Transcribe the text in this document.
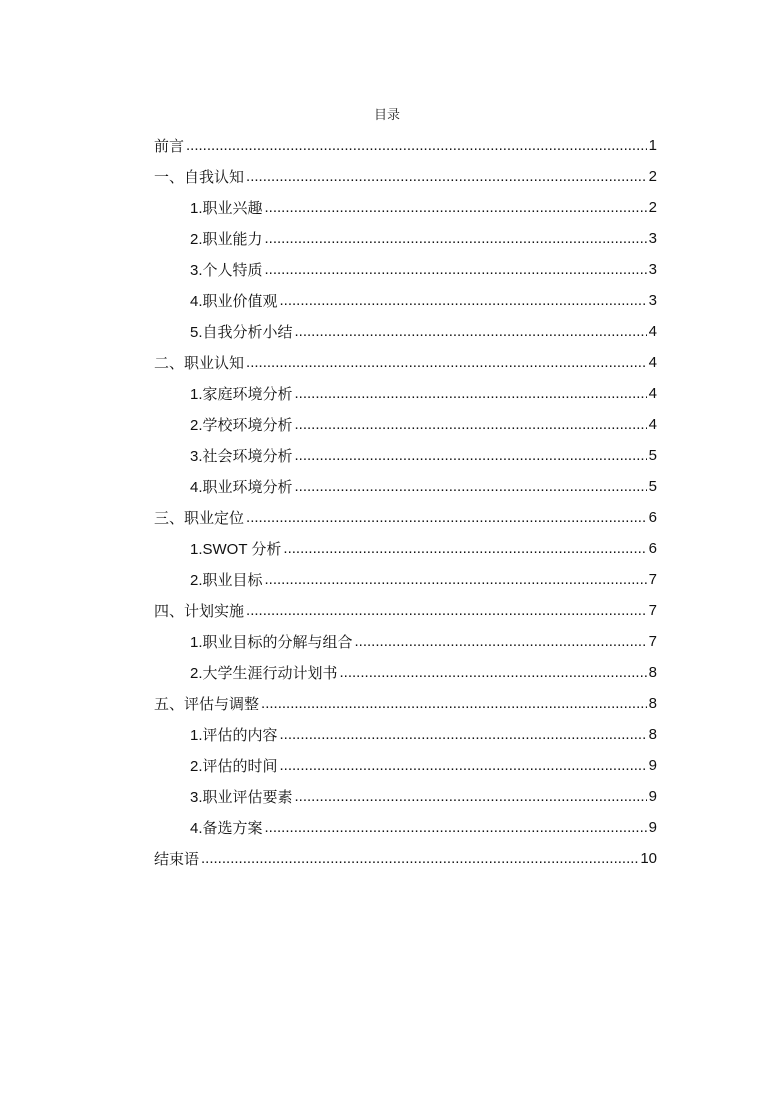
目录
前言 .....	1
一、 自我认知 .....	2
1.职业兴趣 .....	2
2.职业能力 .....	3
3.个人特质 .....	3
4.职业价值观 .....	3
5.自我分析小结 .....	4
二、 职业认知 .....	4
1.家庭环境分析 .....	4
2.学校环境分析 .....	4
3.社会环境分析 .....	5
4.职业环境分析 .....	5
三、 职业定位 .....	6
1.SWOT 分析 .....	6
2.职业目标 .....	7
四、 计划实施 .....	7
1.职业目标的分解与组合 .....	7
2.大学生涯行动计划书 .....	8
五、 评估与调整 .....	8
1.评估的内容 .....	8
2.评估的时间 .....	9
3.职业评估要素 .....	9
4.备选方案 .....	9
结束语 .....	10
